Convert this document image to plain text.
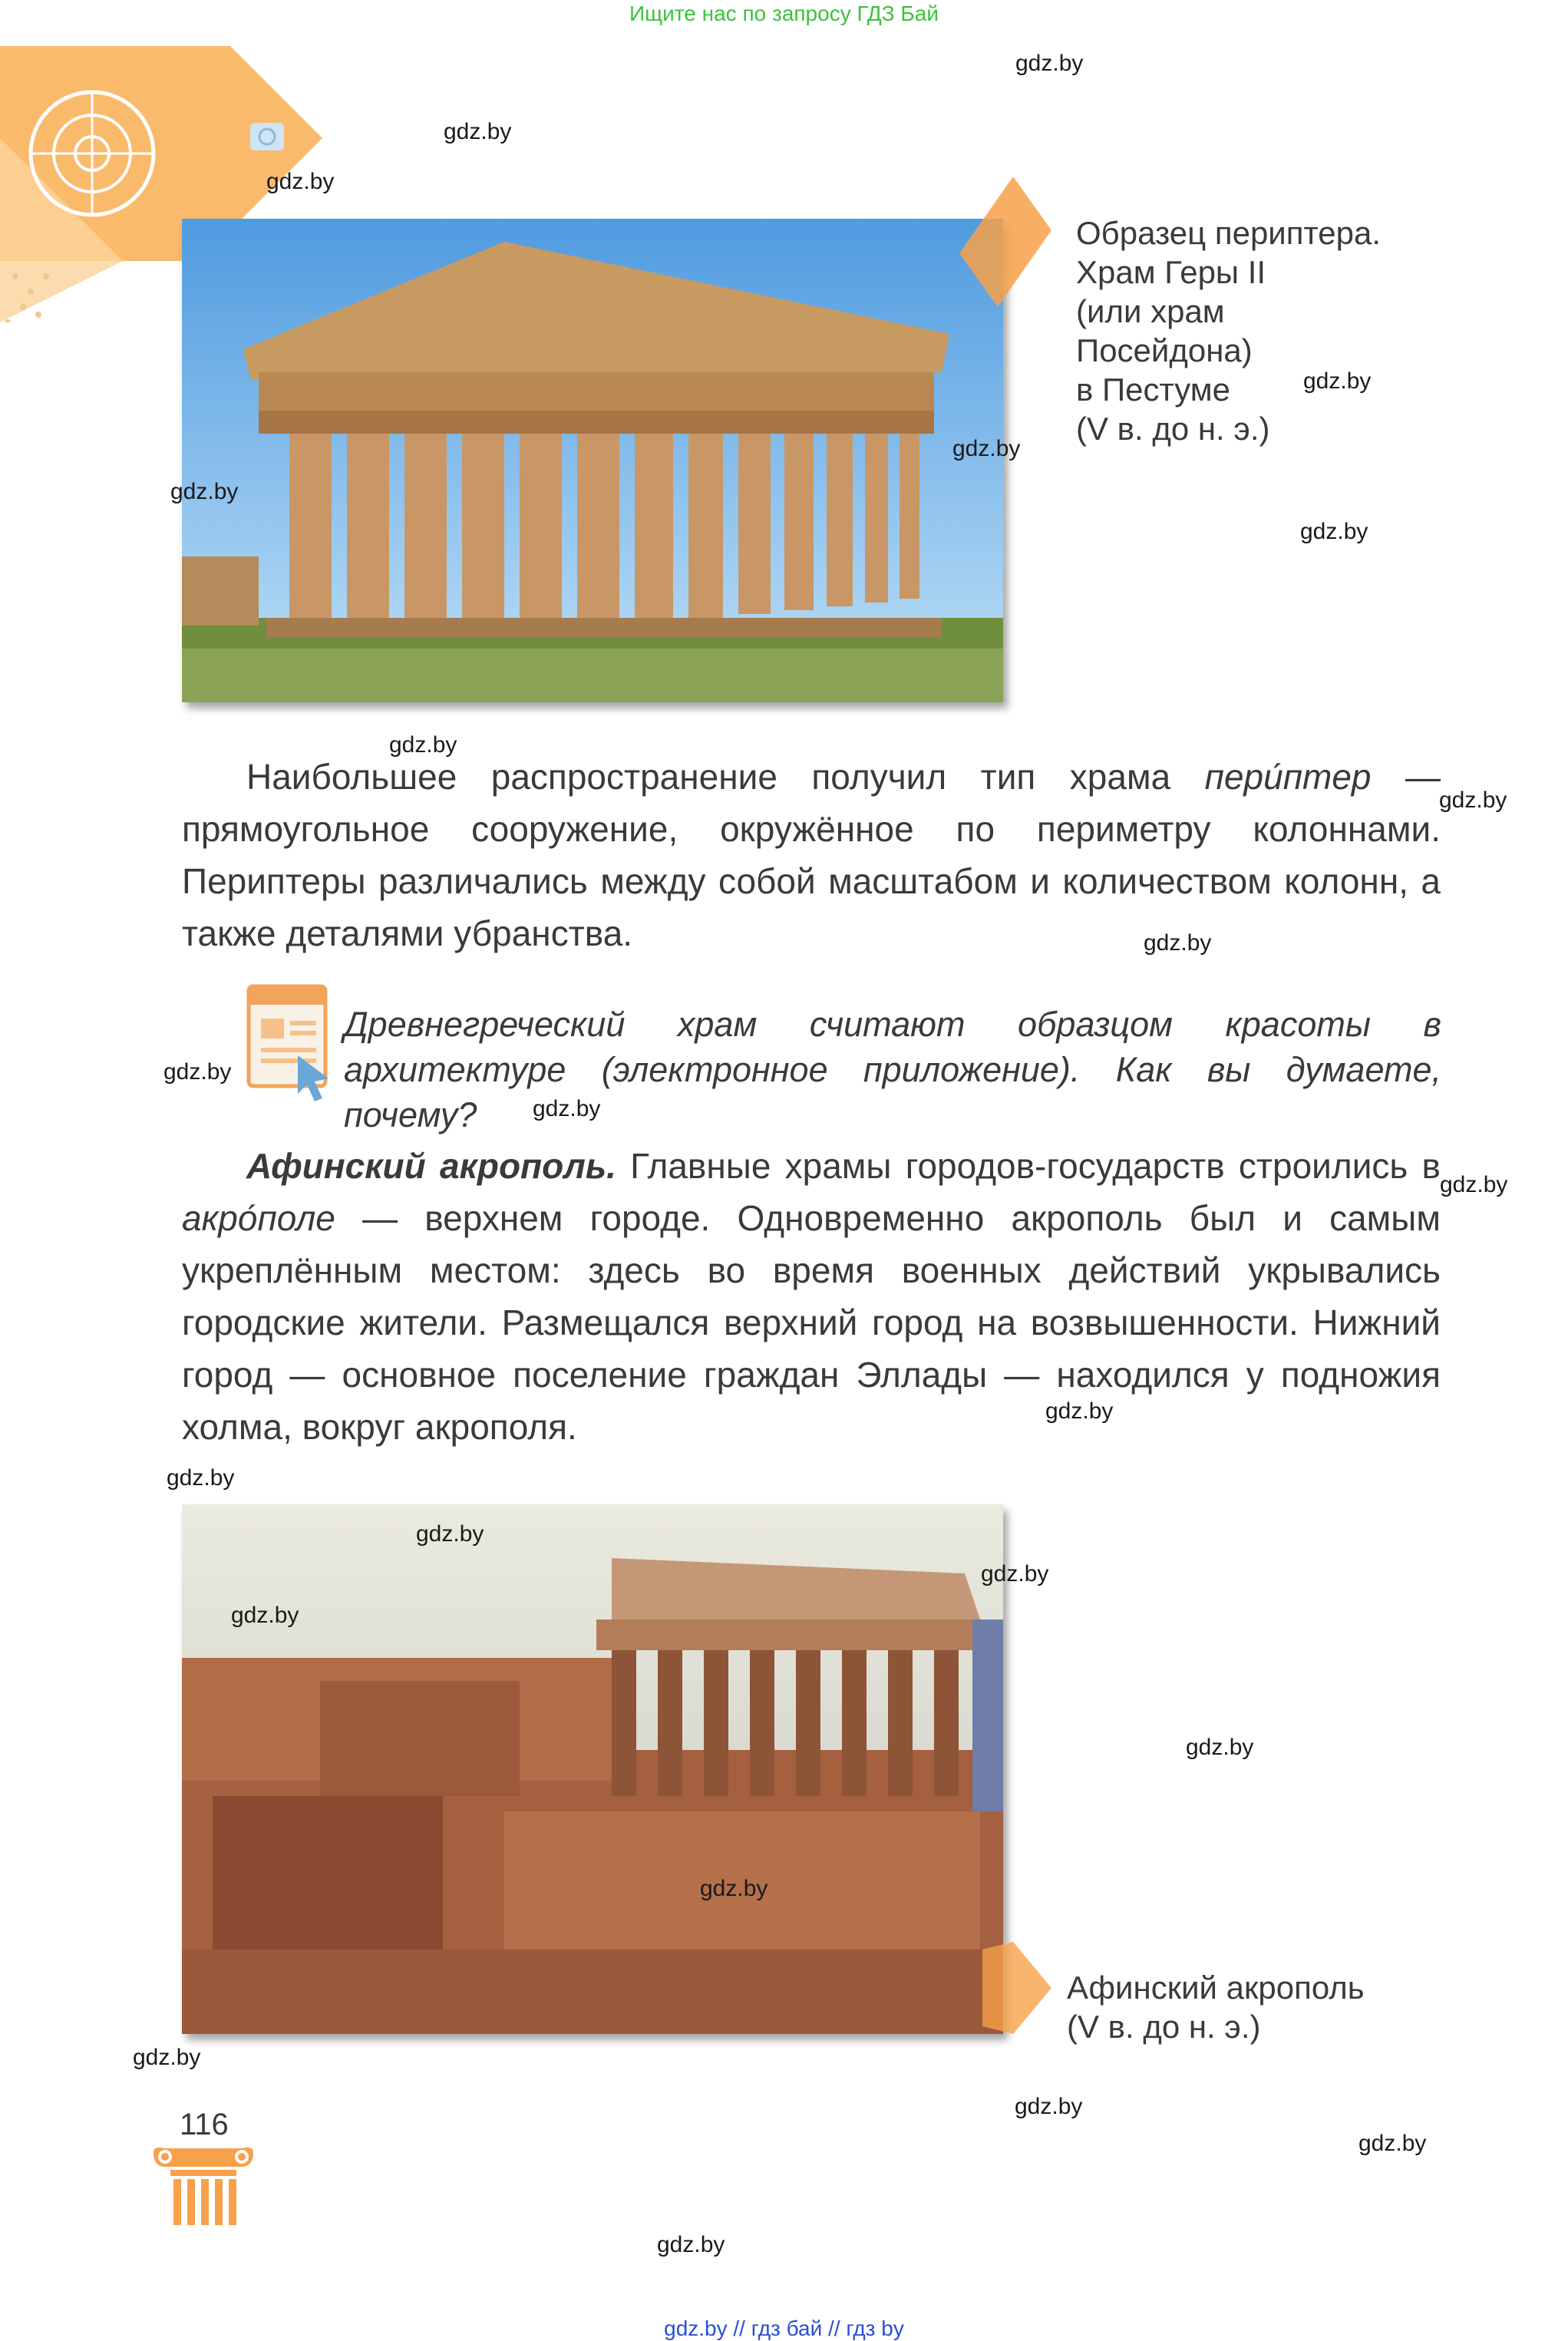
Ищите нас по запросу ГДЗ Бай
Образец периптера.
Храм Геры II
(или храм
Посейдона)
в Пестуме
(V в. до н. э.)

Наибольшее распространение получил тип храма пери́птер — прямоугольное сооружение, окружённое по периметру колоннами. Периптеры различались между собой масштабом и количеством колонн, а также деталями убранства.

Древнегреческий храм считают образцом красоты в архитектуре (электронное приложение). Как вы думаете, почему?

Афинский акрополь. Главные храмы городов-государств строились в акро́поле — верхнем городе. Одновременно акрополь был и самым укреплённым местом: здесь во время военных действий укрывались городские жители. Размещался верхний город на возвышенности. Нижний город — основное поселение граждан Эллады — находился у подножия холма, вокруг акрополя.

Афинский акрополь
(V в. до н. э.)
116
gdz.by
gdz.by
gdz.by
gdz.by
gdz.by
gdz.by
gdz.by
gdz.by
gdz.by
gdz.by
gdz.by
gdz.by
gdz.by
gdz.by
gdz.by
gdz.by
gdz.by
gdz.by
gdz.by
gdz.by
gdz.by
gdz.by
gdz.by
gdz.by
gdz.by // гдз бай // гдз by
